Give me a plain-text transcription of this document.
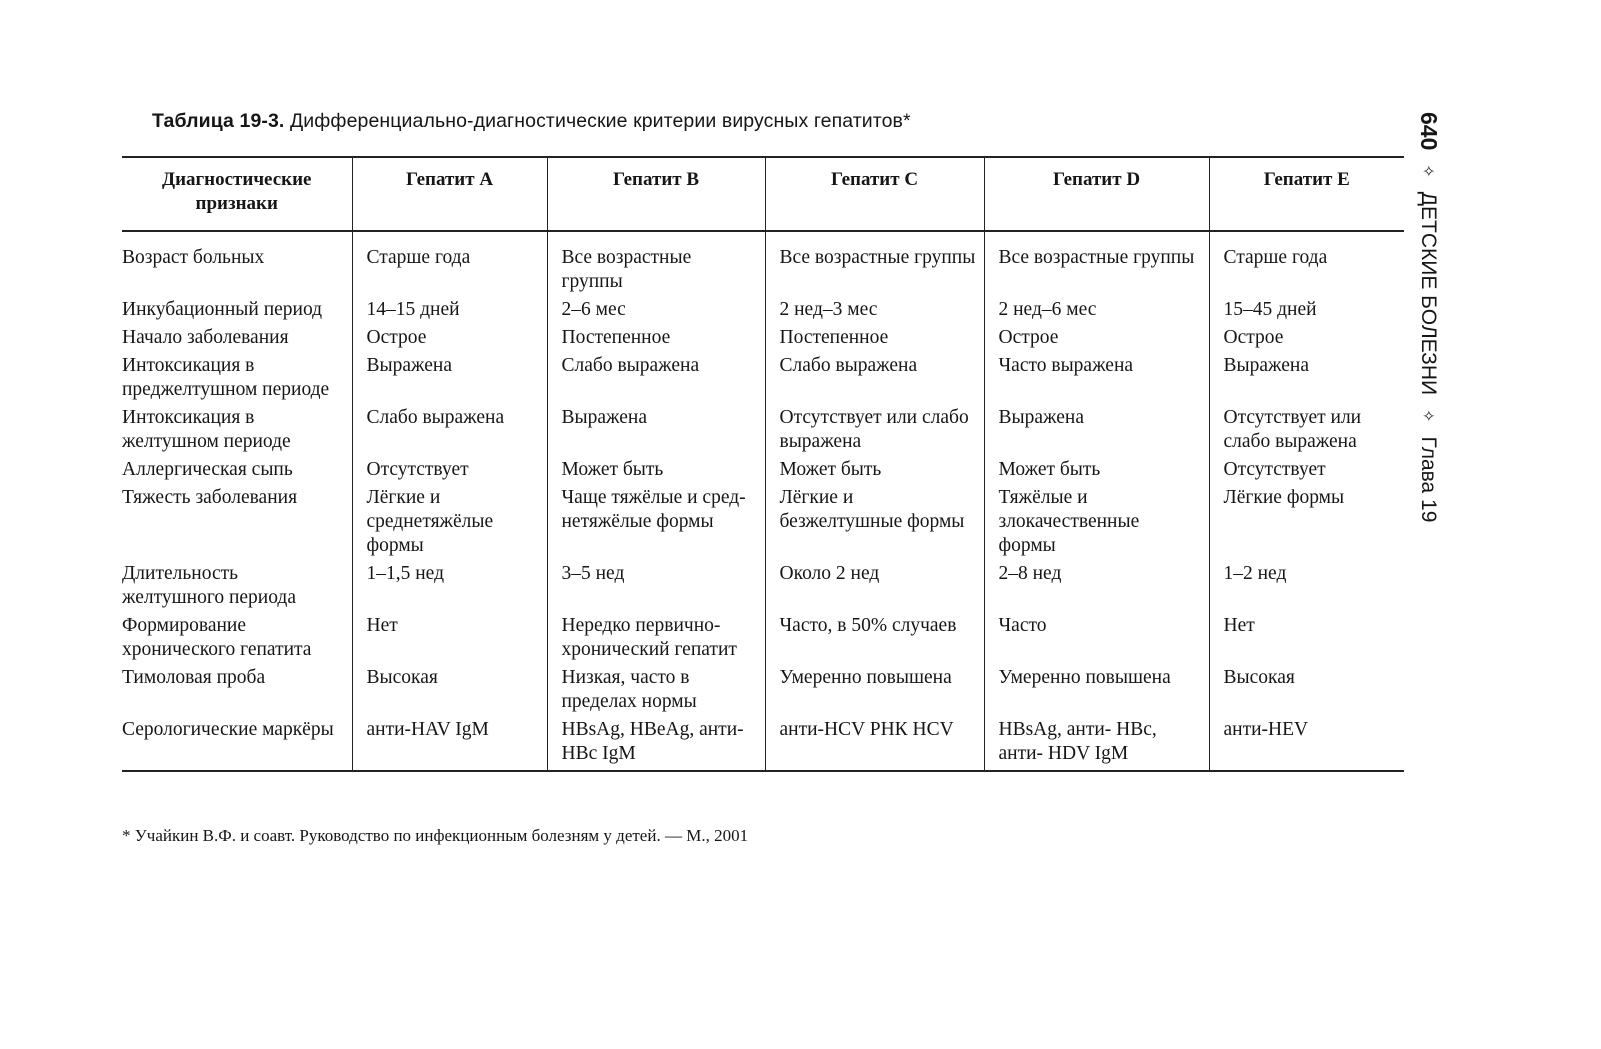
Таблица 19-3. Дифференциально-диагностические критерии вирусных гепатитов*
Диагностические признаки	Гепатит А	Гепатит В	Гепатит С	Гепатит D	Гепатит Е
Возраст больных	Старше года	Все возрастные группы	Все возрастные группы	Все возрастные группы	Старше года
Инкубационный период	14–15 дней	2–6 мес	2 нед–3 мес	2 нед–6 мес	15–45 дней
Начало заболевания	Острое	Постепенное	Постепенное	Острое	Острое
Интоксикация в преджелтушном периоде	Выражена	Слабо выражена	Слабо выражена	Часто выражена	Выражена
Интоксикация в желтушном периоде	Слабо выражена	Выражена	Отсутствует или слабо выражена	Выражена	Отсутствует или слабо выражена
Аллергическая сыпь	Отсутствует	Может быть	Может быть	Может быть	Отсутствует
Тяжесть заболевания	Лёгкие и среднетяжёлые формы	Чаще тяжёлые и сред-нетяжёлые формы	Лёгкие и безжелтушные формы	Тяжёлые и злокачественные формы	Лёгкие формы
Длительность желтушного периода	1–1,5 нед	3–5 нед	Около 2 нед	2–8 нед	1–2 нед
Формирование хронического гепатита	Нет	Нередко первично-хронический гепатит	Часто, в 50% случаев	Часто	Нет
Тимоловая проба	Высокая	Низкая, часто в пределах нормы	Умеренно повышена	Умеренно повышена	Высокая
Серологические маркёры	анти-HAV IgM	HBsAg, HBeAg, анти-HBc IgM	анти-HCV РНК HCV	HBsAg, анти- HBc, анти- HDV IgM	анти-HEV
* Учайкин В.Ф. и соавт. Руководство по инфекционным болезням у детей. — М., 2001
640
✧
ДЕТСКИЕ БОЛЕЗНИ
✧
Глава 19
